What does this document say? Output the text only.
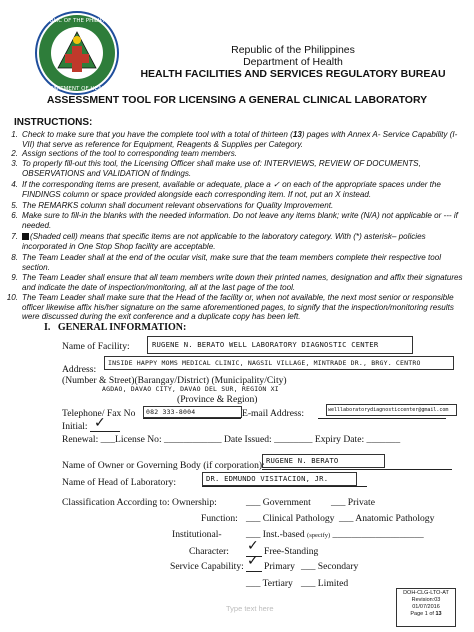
REPUBLIC OF THE PHILIPPINES
DEPARTMENT OF HEALTH
Republic of the Philippines
Department of Health
HEALTH FACILITIES AND SERVICES REGULATORY BUREAU
ASSESSMENT TOOL FOR LICENSING A GENERAL CLINICAL LABORATORY
INSTRUCTIONS:
1. Check to make sure that you have the complete tool with a total of thirteen (13) pages with Annex A- Service Capability (I-VII) that serve as reference for Equipment, Reagents & Supplies per Category.
2. Assign sections of the tool to corresponding team members.
3. To properly fill-out this tool, the Licensing Officer shall make use of: INTERVIEWS, REVIEW OF DOCUMENTS, OBSERVATIONS and VALIDATION of findings.
4. If the corresponding items are present, available or adequate, place a ✓ on each of the appropriate spaces under the FINDINGS column or space provided alongside each corresponding item. If not, put an X instead.
5. The REMARKS column shall document relevant observations for Quality Improvement.
6. Make sure to fill-in the blanks with the needed information. Do not leave any items blank; write (N/A) not applicable or --- if needed.
7.	(Shaded cell) means that specific items are not applicable to the laboratory category. With (*) asterisk– policies incorporated in One Stop Shop facility are acceptable.
8. The Team Leader shall at the end of the ocular visit, make sure that the team members complete their respective tool section.
9. The Team Leader shall ensure that all team members write down their printed names, designation and affix their signatures and indicate the date of inspection/monitoring, all at the last page of the tool.
10. The Team Leader shall make sure that the Head of the facility or, when not available, the next most senior or responsible officer likewise affix his/her signature on the same aforementioned pages, to signify that the inspection/monitoring results were discussed during the exit conference and a duplicate copy has been left.
I. GENERAL INFORMATION:
Name of Facility:	RUGENE N. BERATO WELL LABORATORY DIAGNOSTIC CENTER
Address:
INSIDE HAPPY MOMS MEDICAL CLINIC, NAGSIL VILLAGE, MINTRADE DR., BRGY. CENTRO
(Number & Street)(Barangay/District) (Municipality/City)
AGDAO, DAVAO CITY, DAVAO DEL SUR, REGION XI
(Province & Region)
Telephone/ Fax No	082 333-8004	E-mail Address:	welllaboratorydiagnosticcenter@gmail.com
Initial: ✓
Renewal: ___License No: ____________ Date Issued: ________ Expiry Date: _______
Name of Owner or Governing Body (if corporation): RUGENE N. BERATO
Name of Head of Laboratory:	DR. EDMUNDO VISITACION, JR.
Classification According to: Ownership:	___ Government ___ Private
Function: ___ Clinical Pathology ___ Anatomic Pathology
Institutional-	___ Inst.-based (specify) ___________________
Character: ✓ Free-Standing
Service Capability: ✓ Primary ___ Secondary
___ Tertiary ___ Limited
Type text here
DOH-CLG-LTO-AT
Revision:03
01/07/2016
Page 1 of 13
